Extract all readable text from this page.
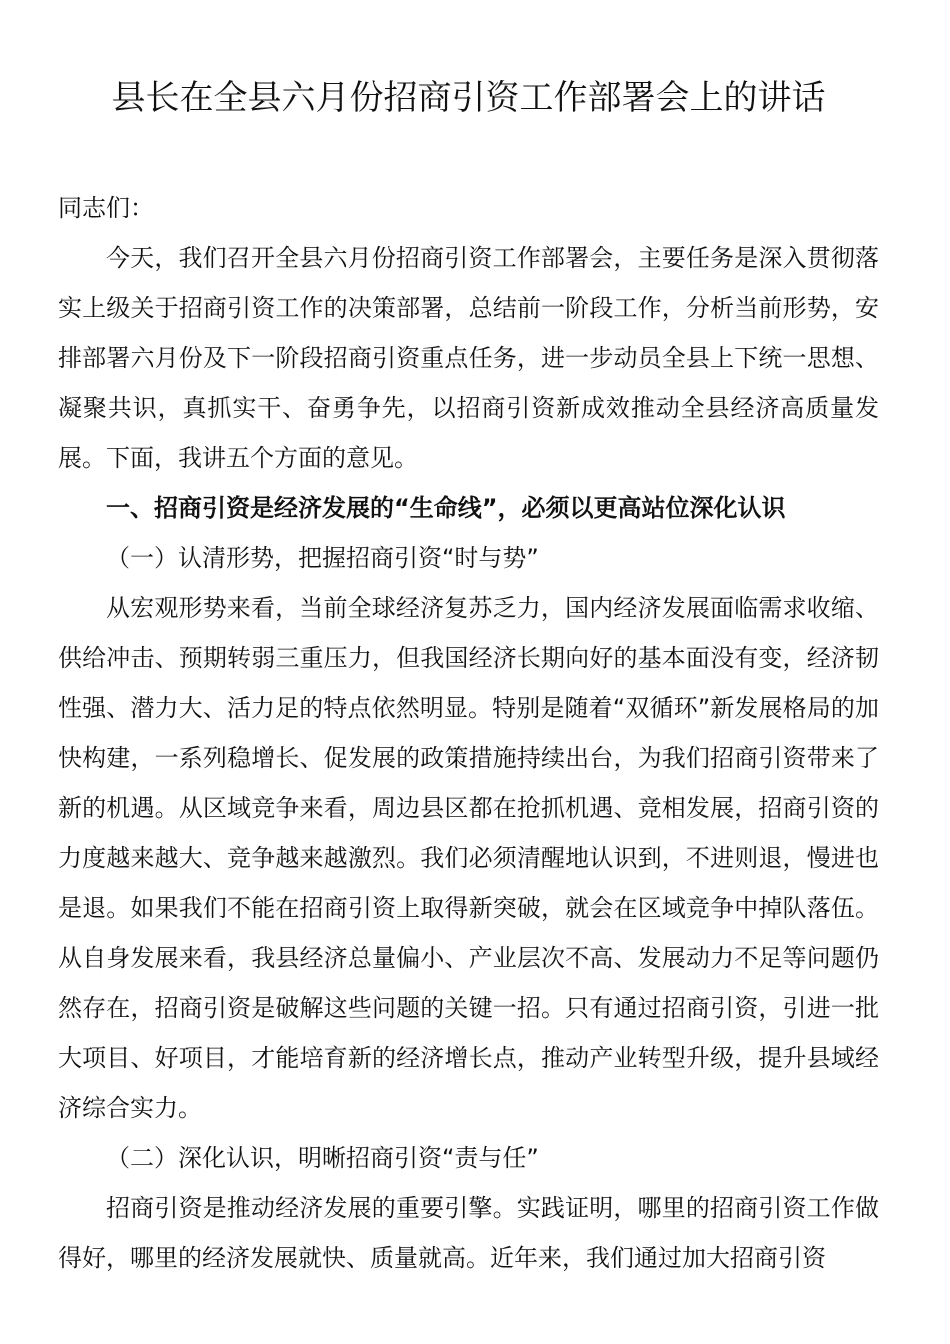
县长在全县六月份招商引资工作部署会上的讲话

同志们：

今天，我们召开全县六月份招商引资工作部署会，主要任务是深入贯彻落实上级关于招商引资工作的决策部署，总结前一阶段工作，分析当前形势，安排部署六月份及下一阶段招商引资重点任务，进一步动员全县上下统一思想、凝聚共识，真抓实干、奋勇争先，以招商引资新成效推动全县经济高质量发展。下面，我讲五个方面的意见。

一、招商引资是经济发展的“生命线”，必须以更高站位深化认识

（一）认清形势，把握招商引资“时与势”

从宏观形势来看，当前全球经济复苏乏力，国内经济发展面临需求收缩、供给冲击、预期转弱三重压力，但我国经济长期向好的基本面没有变，经济韧性强、潜力大、活力足的特点依然明显。特别是随着“双循环”新发展格局的加快构建，一系列稳增长、促发展的政策措施持续出台，为我们招商引资带来了新的机遇。从区域竞争来看，周边县区都在抢抓机遇、竞相发展，招商引资的力度越来越大、竞争越来越激烈。我们必须清醒地认识到，不进则退，慢进也是退。如果我们不能在招商引资上取得新突破，就会在区域竞争中掉队落伍。从自身发展来看，我县经济总量偏小、产业层次不高、发展动力不足等问题仍然存在，招商引资是破解这些问题的关键一招。只有通过招商引资，引进一批大项目、好项目，才能培育新的经济增长点，推动产业转型升级，提升县域经济综合实力。

（二）深化认识，明晰招商引资“责与任”

招商引资是推动经济发展的重要引擎。实践证明，哪里的招商引资工作做得好，哪里的经济发展就快、质量就高。近年来，我们通过加大招商引资
